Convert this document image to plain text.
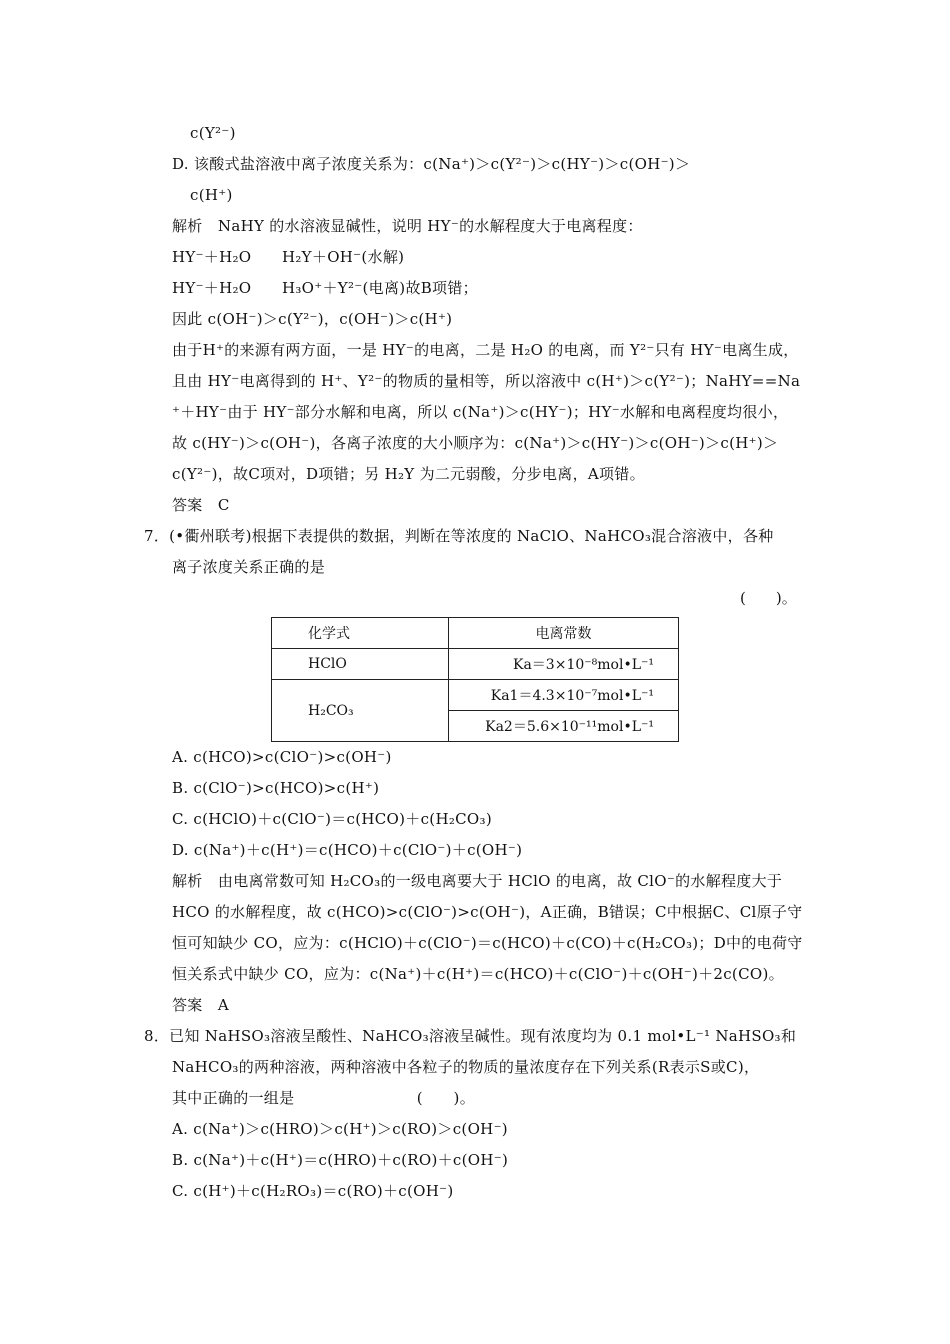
(　　)。
化学式	电离常数
HClO	Ka＝3×10⁻⁸mol•L⁻¹
H₂CO₃	Ka1＝4.3×10⁻⁷mol•L⁻¹
	Ka2＝5.6×10⁻¹¹mol•L⁻¹
c(Y²⁻)
D. 该酸式盐溶液中离子浓度关系为：c(Na⁺)＞c(Y²⁻)＞c(HY⁻)＞c(OH⁻)＞
c(H⁺)
解析　NaHY 的水溶液显碱性，说明 HY⁻的水解程度大于电离程度：
HY⁻＋H₂O　　H₂Y＋OH⁻(水解)
HY⁻＋H₂O　　H₃O⁺＋Y²⁻(电离)故B项错；
因此 c(OH⁻)＞c(Y²⁻)，c(OH⁻)＞c(H⁺)
由于H⁺的来源有两方面，一是 HY⁻的电离，二是 H₂O 的电离，而 Y²⁻只有 HY⁻电离生成，
且由 HY⁻电离得到的 H⁺、Y²⁻的物质的量相等，所以溶液中 c(H⁺)＞c(Y²⁻)；NaHY==Na
⁺＋HY⁻由于 HY⁻部分水解和电离，所以 c(Na⁺)＞c(HY⁻)；HY⁻水解和电离程度均很小，
故 c(HY⁻)＞c(OH⁻)，各离子浓度的大小顺序为：c(Na⁺)＞c(HY⁻)＞c(OH⁻)＞c(H⁺)＞
c(Y²⁻)，故C项对，D项错；另 H₂Y 为二元弱酸，分步电离，A项错。
答案　C
7．(•衢州联考)根据下表提供的数据，判断在等浓度的 NaClO、NaHCO₃混合溶液中，各种
离子浓度关系正确的是
A. c(HCO)>c(ClO⁻)>c(OH⁻)
B. c(ClO⁻)>c(HCO)>c(H⁺)
C. c(HClO)＋c(ClO⁻)＝c(HCO)＋c(H₂CO₃)
D. c(Na⁺)＋c(H⁺)＝c(HCO)＋c(ClO⁻)＋c(OH⁻)
解析　由电离常数可知 H₂CO₃的一级电离要大于 HClO 的电离，故 ClO⁻的水解程度大于
HCO 的水解程度，故 c(HCO)>c(ClO⁻)>c(OH⁻)，A正确，B错误；C中根据C、Cl原子守
恒可知缺少 CO，应为：c(HClO)＋c(ClO⁻)＝c(HCO)＋c(CO)＋c(H₂CO₃)；D中的电荷守
恒关系式中缺少 CO，应为：c(Na⁺)＋c(H⁺)＝c(HCO)＋c(ClO⁻)＋c(OH⁻)＋2c(CO)。
答案　A
8．已知 NaHSO₃溶液呈酸性、NaHCO₃溶液呈碱性。现有浓度均为 0.1 mol•L⁻¹ NaHSO₃和
NaHCO₃的两种溶液，两种溶液中各粒子的物质的量浓度存在下列关系(R表示S或C)，
其中正确的一组是　　　　　　　　(　　)。
A. c(Na⁺)＞c(HRO)＞c(H⁺)＞c(RO)＞c(OH⁻)
B. c(Na⁺)＋c(H⁺)＝c(HRO)＋c(RO)＋c(OH⁻)
C. c(H⁺)＋c(H₂RO₃)＝c(RO)＋c(OH⁻)
